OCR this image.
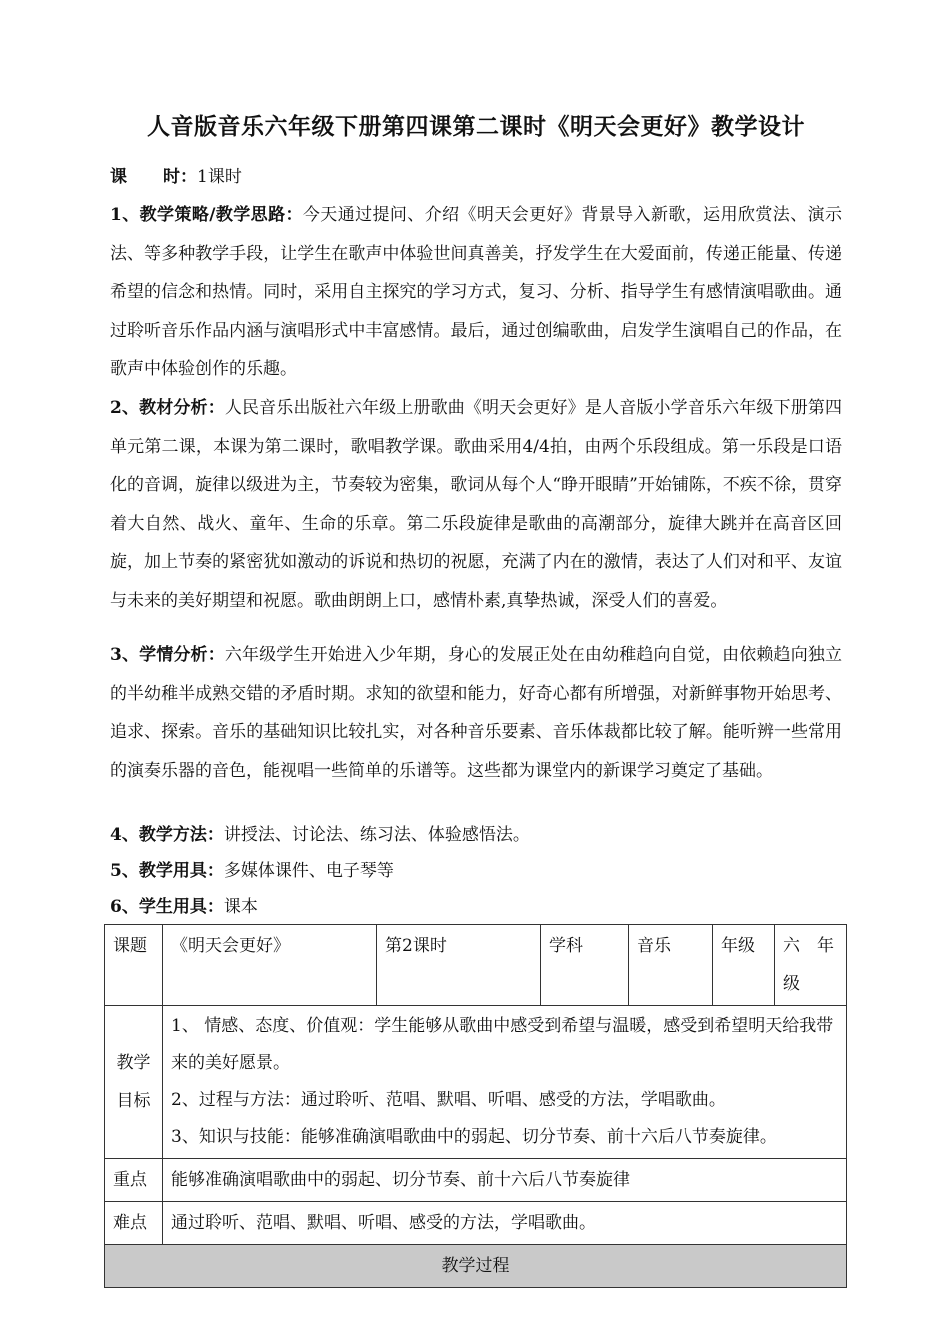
人音版音乐六年级下册第四课第二课时《明天会更好》教学设计
课 时：1课时
1、教学策略/教学思路：今天通过提问、介绍《明天会更好》背景导入新歌，运用欣赏法、演示法、等多种教学手段，让学生在歌声中体验世间真善美，抒发学生在大爱面前，传递正能量、传递希望的信念和热情。同时，采用自主探究的学习方式，复习、分析、指导学生有感情演唱歌曲。通过聆听音乐作品内涵与演唱形式中丰富感情。最后，通过创编歌曲，启发学生演唱自己的作品，在歌声中体验创作的乐趣。
2、教材分析：人民音乐出版社六年级上册歌曲《明天会更好》是人音版小学音乐六年级下册第四单元第二课，本课为第二课时，歌唱教学课。歌曲采用4/4拍，由两个乐段组成。第一乐段是口语化的音调，旋律以级进为主，节奏较为密集，歌词从每个人“睁开眼睛”开始铺陈，不疾不徐，贯穿着大自然、战火、童年、生命的乐章。第二乐段旋律是歌曲的高潮部分，旋律大跳并在高音区回旋，加上节奏的紧密犹如激动的诉说和热切的祝愿，充满了内在的激情，表达了人们对和平、友谊与未来的美好期望和祝愿。歌曲朗朗上口，感情朴素,真挚热诚，深受人们的喜爱。
3、学情分析：六年级学生开始进入少年期，身心的发展正处在由幼稚趋向自觉，由依赖趋向独立的半幼稚半成熟交错的矛盾时期。求知的欲望和能力，好奇心都有所增强，对新鲜事物开始思考、追求、探索。音乐的基础知识比较扎实，对各种音乐要素、音乐体裁都比较了解。能听辨一些常用的演奏乐器的音色，能视唱一些简单的乐谱等。这些都为课堂内的新课学习奠定了基础。
4、教学方法：讲授法、讨论法、练习法、体验感悟法。
5、教学用具：多媒体课件、电子琴等
6、学生用具：课本
课题	《明天会更好》	第2课时	学科	音乐	年级	六　年级
教学目标	1、 情感、态度、价值观：学生能够从歌曲中感受到希望与温暖，感受到希望明天给我带来的美好愿景。

2、过程与方法：通过聆听、范唱、默唱、听唱、感受的方法，学唱歌曲。

3、知识与技能：能够准确演唱歌曲中的弱起、切分节奏、前十六后八节奏旋律。					

重点	能够准确演唱歌曲中的弱起、切分节奏、前十六后八节奏旋律					
难点	通过聆听、范唱、默唱、听唱、感受的方法，学唱歌曲。					
教学过程						
